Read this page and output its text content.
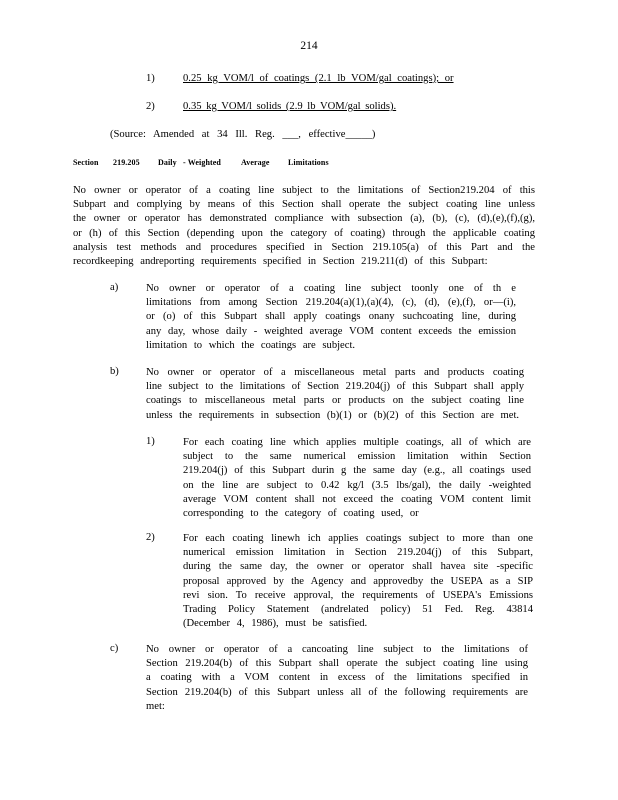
214
1)	0.25 kg VOM/l of coatings (2.1 lb VOM/gal coatings); or
2)	0.35 kg VOM/l solids (2.9 lb VOM/gal solids).
(Source: Amended at 34 Ill. Reg. ___, effective_____)
Section 219.205 Daily - Weighted	Average Limitations

No owner or operator of a coating line subject to the limitations of Section219.204 of this Subpart and complying by means of this Section shall operate the subject coating line unless the owner or operator has demonstrated compliance with subsection (a), (b), (c), (d),(e),(f),(g), or (h) of this Section (depending upon the category of coating) through the applicable coating analysis test methods and procedures specified in Section 219.105(a) of this Part and the recordkeeping andreporting requirements specified in Section 219.211(d) of this Subpart:

a)	No owner or operator of a coating line subject toonly one of th e limitations from among Section 219.204(a)(1),(a)(4), (c), (d), (e),(f), or—(i), or (o) of this Subpart shall apply coatings onany suchcoating line, during any day, whose daily - weighted average VOM content exceeds the emission limitation to which the coatings are subject.

b)	No owner or operator of a miscellaneous metal parts and products coating line subject to the limitations of Section 219.204(j) of this Subpart shall apply coatings to miscellaneous metal parts or products on the subject coating line unless the requirements in subsection (b)(1) or (b)(2) of this Section are met.

1)	For each coating line which applies multiple coatings, all of which are subject to the same numerical emission limitation within Section 219.204(j) of this Subpart durin g the same day (e.g., all coatings used on the line are subject to 0.42 kg/l (3.5 lbs/gal), the daily -weighted average VOM content shall not exceed the coating VOM content limit corresponding to the category of coating used, or

2)	For each coating linewh ich applies coatings subject to more than one numerical emission limitation in Section 219.204(j) of this Subpart, during the same day, the owner or operator shall havea site -specific proposal approved by the Agency and approvedby the USEPA as a SIP revi sion. To receive approval, the requirements of USEPA's Emissions Trading Policy Statement (andrelated policy) 51 Fed. Reg. 43814 (December 4, 1986), must be satisfied.

c)	No owner or operator of a cancoating line subject to the limitations of Section 219.204(b) of this Subpart shall operate the subject coating line using a coating with a VOM content in excess of the limitations specified in Section 219.204(b) of this Subpart unless all of the following requirements are met:
